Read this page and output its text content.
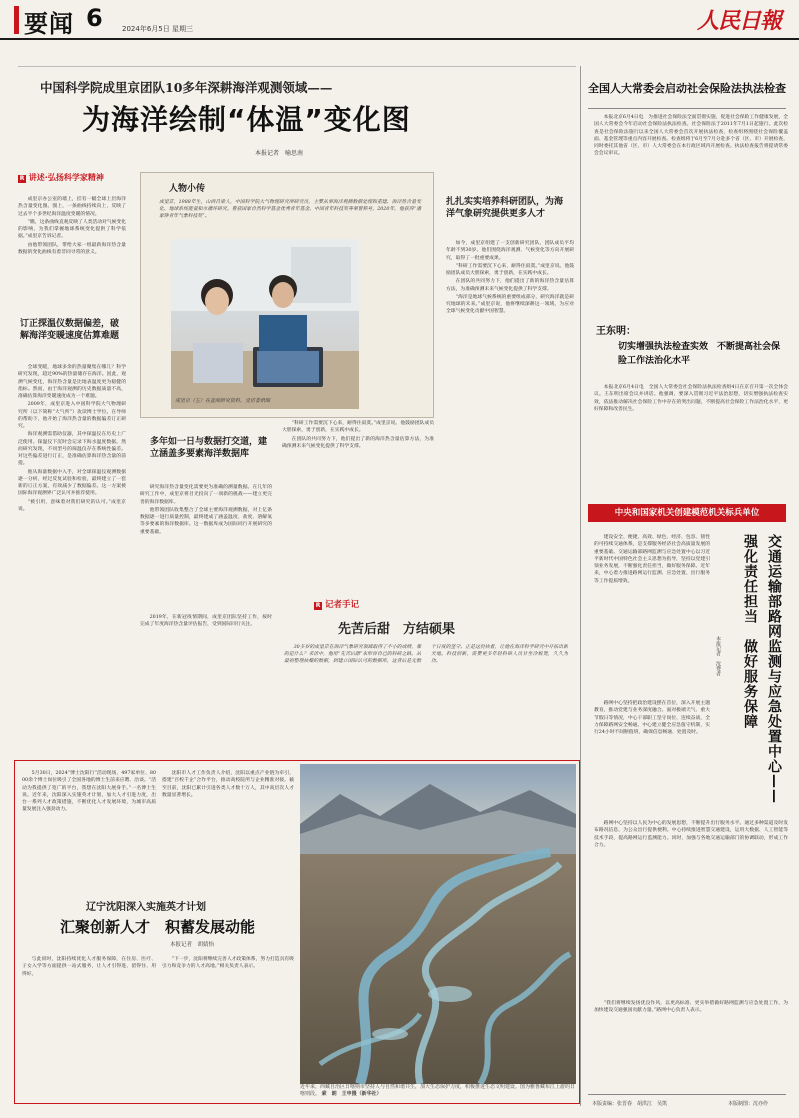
要闻 6	2024年6月5日 星期三	人民日報
中国科学院成里京团队10多年深耕海洋观测领域——
为海洋绘制“体温”变化图
本报记者　喻思南
R 讲述·弘扬科学家精神
成里京办公室的墙上，挂有一幅全球上层海洋热含量变化图。图上，一条曲线持续向上，反映了过去半个多世纪海洋温度变暖的情况。
“瞧，这条曲线直观反映了人类活动对气候变化的影响，为我们掌握地球系统变化提供了科学依据。”成里京告诉记者。
由他带领团队，带给大家一组最新海洋热含量数据的变化曲线有着非同寻常的意义。
订正探温仪数据偏差，破解海洋变暖速度估算难题
全球变暖，地球多余的热量聚集在哪儿？科学研究发现，超过90%的热量储存在海洋。因此，观测气候变化，海洋热含量是比地表温度更为稳健的指标。然而，由于海洋观测的历史数据质量不高，准确估算海洋变暖速度成为一个难题。
2009年，成里京进入中国科学院大气物理研究所（以下简称“大气所”）攻读博士学位。在导师的帮助下，他开始了海洋热含量的数据偏差订正研究。
海洋观测需借助仪器，其中探温仪在历史上广泛使用。探温仪下沉时会记录下海水温度数据。然而研究发现，不同型号的探温仪存在系统性偏差。对这些偏差进行订正，是准确估算海洋热含量的前提。
他从海量数据中入手，对全球探温仪观测数据逐一分析，经过反复试验和检验，最终建立了一套新的订正方案，有效减少了数据偏差。这一方案被国际海洋观测界广泛认可并推荐使用。
“被引用，意味着对我们研究的认可。”成里京说。
人物小传
成里京，1988年生，山西吕梁人，中国科学院大气物理研究所研究员，主要从事海洋观测数据处理和重建、海洋热含量变化、地球系统能量和水循环研究。曾获国家自然科学基金优秀青年基金、中国青年科技奖等荣誉称号，2020年，他获得“潘家铮青年气象科技奖”。
成里京（左）在查阅研究资料。受访者供图
多年如一日与数据打交道，建立涵盖多要素海洋数据库
研究海洋热含量变化需要更为准确的测量数据。在几年的研究工作中，成里京将目光投向了一项新的挑战——建立更完善的海洋数据库。
他带领团队收集整合了全球主要海洋观测数据，对上亿条数据逐一进行质量控制，最终建成了涵盖温度、盐度、溶解氧等多要素的海洋数据库。这一数据库成为国际同行开展研究的重要基础。
2019年，在新冠疫情期间，成里京团队坚持工作，按时完成了年度海洋热含量评估报告，受到国际同行关注。
扎扎实实培养科研团队，为海洋气象研究提供更多人才
如今，成里京组建了一支创新研究团队，团队成员平均年龄不到30岁。他们围绕海洋观测、气候变化等方向开展研究，取得了一批重要成果。
“科研工作需要沉下心来，耐得住寂寞。”成里京说。他鼓励团队成员大胆探索，勇于创新，在实践中成长。
在团队的共同努力下，他们提出了新的海洋热含量估算方法，为准确预测未来气候变化提供了科学支撑。
“海洋是地球气候系统的重要组成部分，研究海洋就是研究地球的未来。”成里京说，他将继续深耕这一领域，为应对全球气候变化贡献中国智慧。
“科研工作需要沉下心来，耐得住寂寞。”成里京说。他鼓励团队成员大胆探索，勇于创新，在实践中成长。
在团队的共同努力下，他们提出了新的海洋热含量估算方法，为准确预测未来气候变化提供了科学支撑。
R 记者手记
先苦后甜　方结硕果
30多岁的成里京在海洋气象研究领域取得了不小的成绩，靠的是什么？采访中，他用“先苦后甜”来形容自己的科研之路。从最初整理枯燥的数据，到建立国际认可的数据库，这背后是无数个日夜的坚守。正是这份执着，让他在海洋科学研究中开拓出新天地。科技创新，需要更多年轻科研人员甘坐冷板凳，久久为功。
全国人大常委会启动社会保险法执法检查
本报北京6月4日电　为推进社会保险法全面贯彻实施，促进社会保险工作健康发展，全国人大常委会今年启动社会保险法执法检查。社会保险法于2011年7月1日起施行。此次检查是社会保险法施行以来全国人大常委会首次开展执法检查，检查组将围绕社会保险覆盖面、基金管理等重点内容开展检查。检查组将于6月至7月分赴多个省（区、市）开展检查，同时委托其他省（区、市）人大常委会在本行政区域内开展检查。执法检查报告将提请常委会会议审议。
王东明：
切实增强执法检查实效　不断提高社会保险工作法治化水平
本报北京6月4日电　全国人大常委会社会保险法执法检查组4日在京召开第一次全体会议。王东明出席会议并讲话。他强调，要深入贯彻习近平法治思想，切实增强执法检查实效，依法推动解决社会保险工作中存在的突出问题，不断提高社会保险工作法治化水平，更好保障和改善民生。
中央和国家机关创建模范机关标兵单位
建设安全、便捷、高效、绿色、经济、包容、韧性的可持续交通体系，是支撑服务经济社会高质量发展的重要基础。交通运输部路网监测与应急处置中心以习近平新时代中国特色社会主义思想为指导，坚持以党建引领业务发展，不断强化责任担当，做好服务保障。近年来，中心着力推进路网运行监测、应急处置、出行服务等工作提质增效。	交通运输部路网监测与应急处置中心——强化责任担当　做好服务保障
本报记者　沈费者
路网中心坚持把政治建设摆在首位，深入开展主题教育，推动党建与业务深度融合。面对极端天气、重大节假日等情况，中心干部职工坚守岗位、连续奋战，全力保障路网安全畅通。中心建立健全应急值守机制，实行24小时不间断值班，确保信息畅通、处置及时。
路网中心坚持以人民为中心的发展思想，不断提升出行服务水平。通过多种渠道及时发布路况信息，为公众出行提供便利。中心持续推进智慧交通建设，运用大数据、人工智能等技术手段，提高路网运行监测能力。同时，加强与各地交通运输部门的协调联动，形成工作合力。
“我们将继续发扬优良作风，以更高标准、更实举措做好路网监测与应急处置工作，为加快建设交通强国贡献力量。”路网中心负责人表示。
5月30日，2024“博士沈阳行”活动现场，497家单位、8000余个博士岗位吸引了全国各地的博士生前来应聘、洽谈。“活动为我提供了宽广的平台，我想在沈阳大展身手。”一名博士生说。近年来，沈阳深入实施英才计划，加大人才引进力度，出台一系列人才政策措施，不断优化人才发展环境，为城市高质量发展注入强劲动力。
沈阳市人才工作负责人介绍，沈阳以重点产业链为牵引，搭建“百校千企”合作平台，推动高校院所与企业精准对接。截至目前，沈阳已累计引进各类人才数十万人，其中高层次人才数量显著增长。
辽宁沈阳深入实施英才计划
汇聚创新人才　积蓄发展动能
本报记者　胡婧怡
与此同时，沈阳持续优化人才服务保障，在住房、医疗、子女入学等方面提供一站式服务，让人才引得进、留得住、用得好。
“下一步，沈阳将继续完善人才政策体系，努力打造具有吸引力和竞争力的人才高地。”相关负责人表示。
近年来，西藏自治区日喀则市坚持人与自然和谐共生，加大生态保护力度，积极推进生态文明建设。图为雅鲁藏布江上游的日喀则段。 索　朗　王申摄（新华社）
本版责编：张晋春　胡洪江　吴凯	本版制图：沈亦伶
